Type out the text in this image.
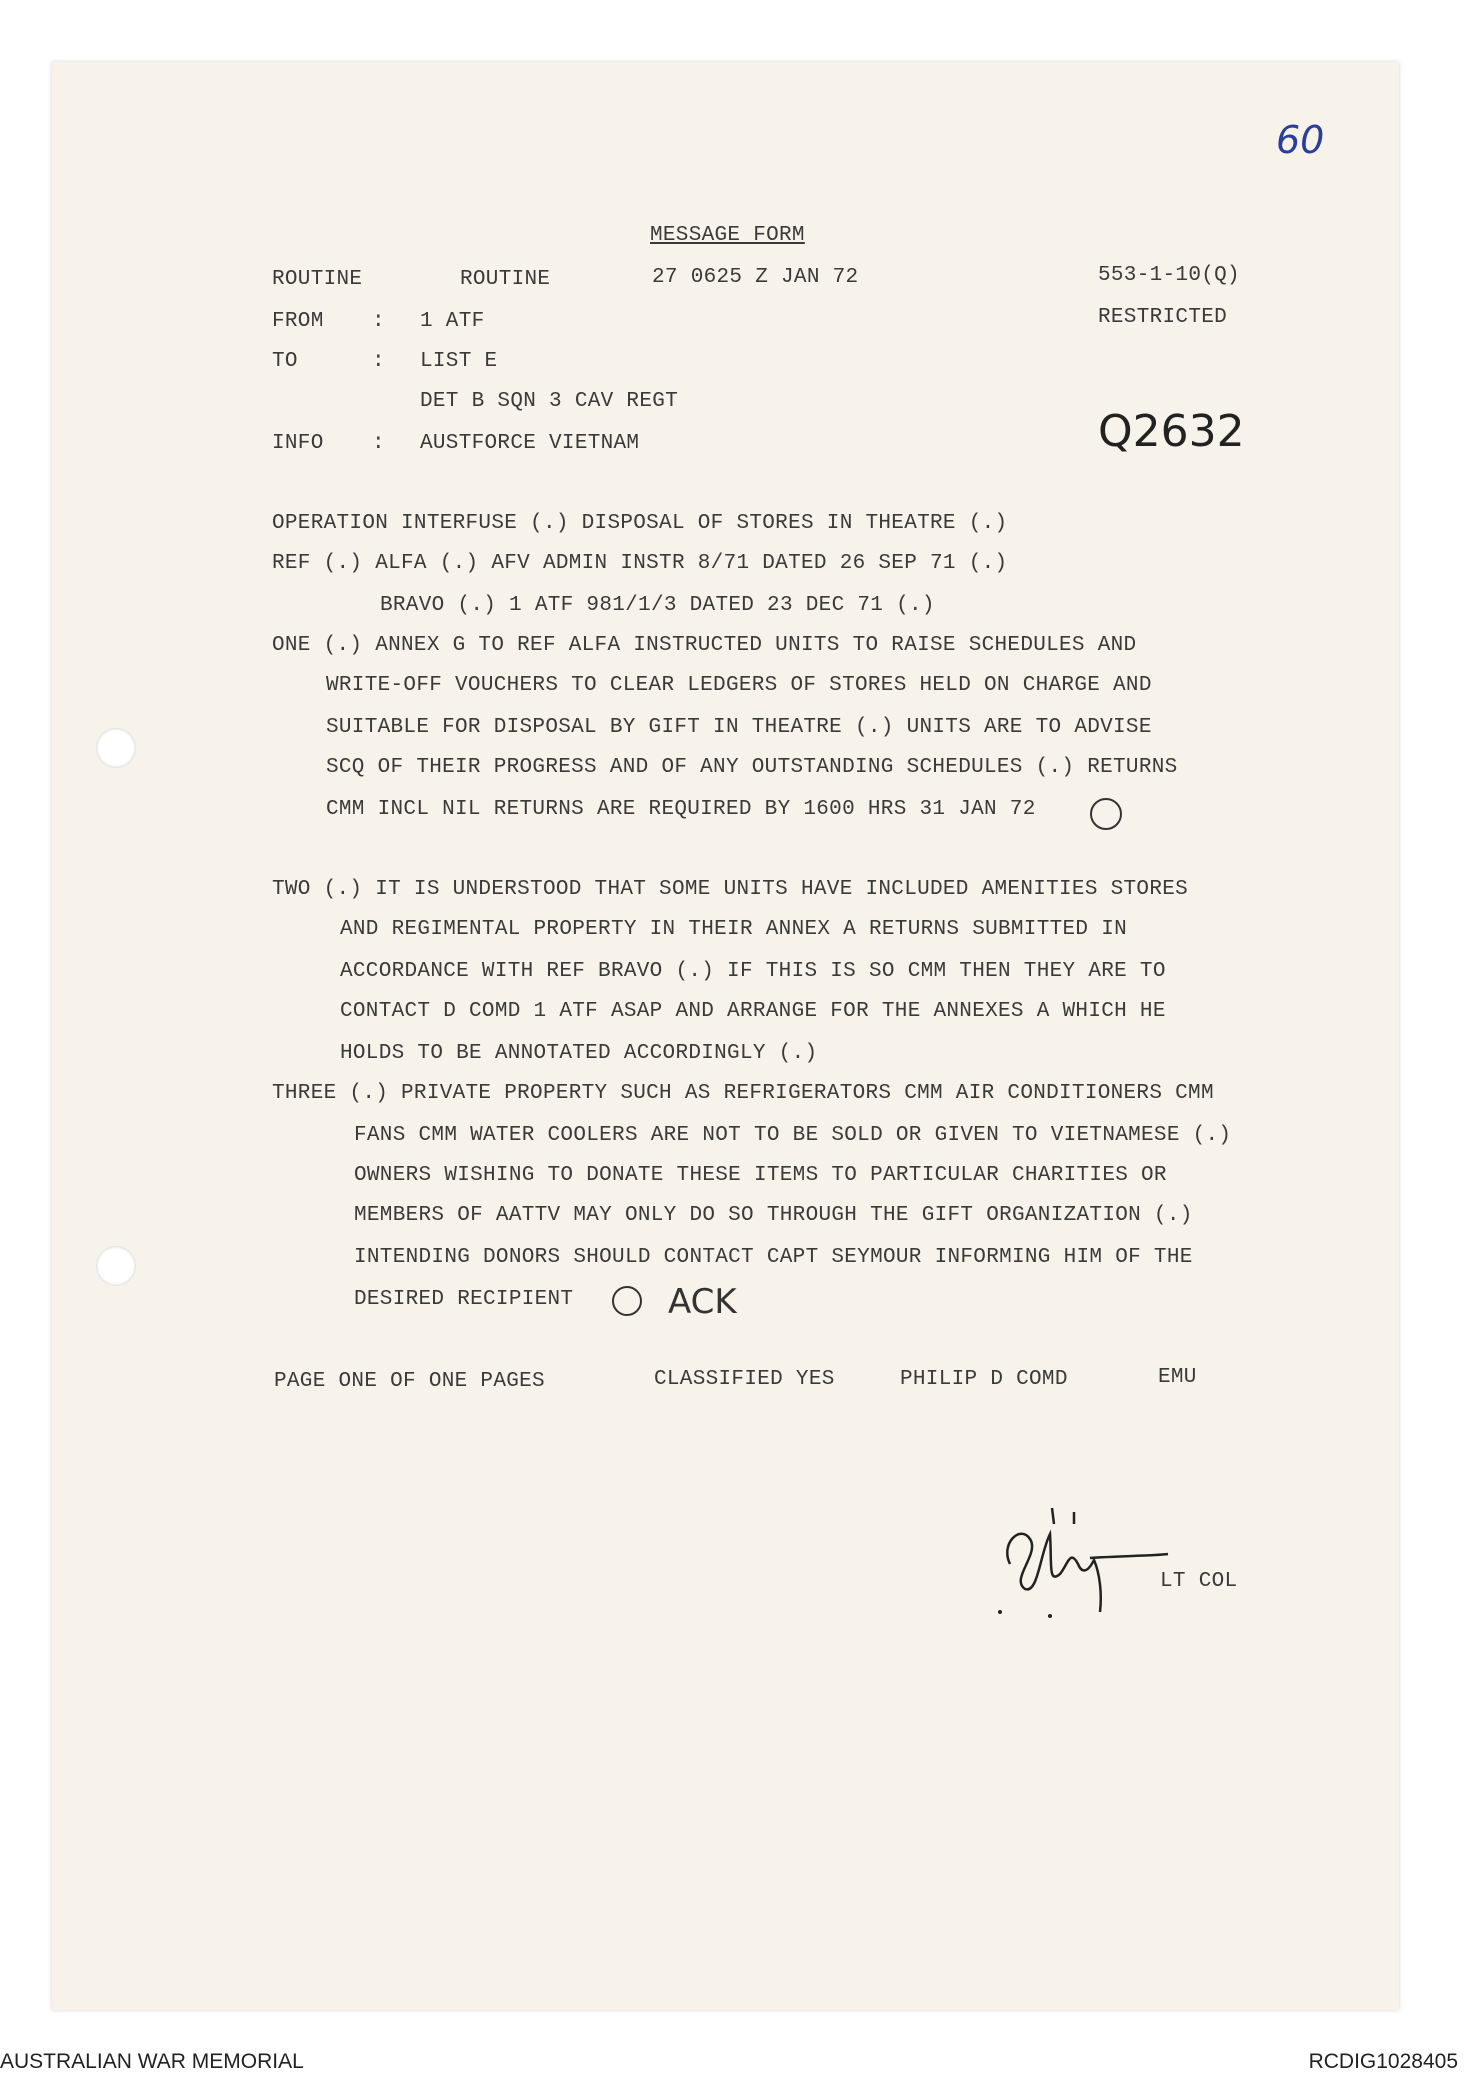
60
MESSAGE FORM
ROUTINE	ROUTINE	27 0625 Z JAN 72	553-1-10(Q)
RESTRICTED
Q2632
FROM : 1 ATF
TO	: LIST E
DET B SQN 3 CAV REGT
INFO : AUSTFORCE VIETNAM
OPERATION INTERFUSE (.) DISPOSAL OF STORES IN THEATRE (.)
REF (.) ALFA (.) AFV ADMIN INSTR 8/71 DATED 26 SEP 71 (.)
BRAVO (.) 1 ATF 981/1/3 DATED 23 DEC 71 (.)
ONE (.) ANNEX G TO REF ALFA INSTRUCTED UNITS TO RAISE SCHEDULES AND
WRITE-OFF VOUCHERS TO CLEAR LEDGERS OF STORES HELD ON CHARGE AND
SUITABLE FOR DISPOSAL BY GIFT IN THEATRE (.) UNITS ARE TO ADVISE
SCQ OF THEIR PROGRESS AND OF ANY OUTSTANDING SCHEDULES (.) RETURNS
CMM INCL NIL RETURNS ARE REQUIRED BY 1600 HRS 31 JAN 72
TWO (.) IT IS UNDERSTOOD THAT SOME UNITS HAVE INCLUDED AMENITIES STORES
AND REGIMENTAL PROPERTY IN THEIR ANNEX A RETURNS SUBMITTED IN
ACCORDANCE WITH REF BRAVO (.) IF THIS IS SO CMM THEN THEY ARE TO
CONTACT D COMD 1 ATF ASAP AND ARRANGE FOR THE ANNEXES A WHICH HE
HOLDS TO BE ANNOTATED ACCORDINGLY (.)
THREE (.) PRIVATE PROPERTY SUCH AS REFRIGERATORS CMM AIR CONDITIONERS CMM
FANS CMM WATER COOLERS ARE NOT TO BE SOLD OR GIVEN TO VIETNAMESE (.)
OWNERS WISHING TO DONATE THESE ITEMS TO PARTICULAR CHARITIES OR
MEMBERS OF AATTV MAY ONLY DO SO THROUGH THE GIFT ORGANIZATION (.)
INTENDING DONORS SHOULD CONTACT CAPT SEYMOUR INFORMING HIM OF THE
DESIRED RECIPIENT	ACK
PAGE ONE OF ONE PAGES	CLASSIFIED YES	PHILIP D COMD	EMU
LT COL
AUSTRALIAN WAR MEMORIAL	RCDIG1028405
